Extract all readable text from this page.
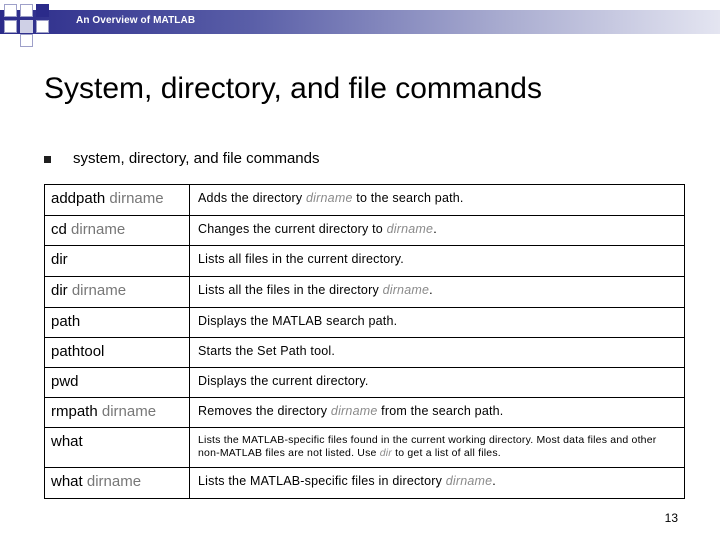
An Overview of MATLAB
System, directory, and file commands
system, directory, and file commands
addpath dirname	Adds the directory dirname to the search path.
cd dirname	Changes the current directory to dirname.
dir	Lists all files in the current directory.
dir dirname	Lists all the files in the directory dirname.
path	Displays the MATLAB search path.
pathtool	Starts the Set Path tool.
pwd	Displays the current directory.
rmpath dirname	Removes the directory dirname from the search path.
what	Lists the MATLAB-specific files found in the current working directory. Most data files and other non-MATLAB files are not listed. Use dir to get a list of all files.
what dirname	Lists the MATLAB-specific files in directory dirname.
13
